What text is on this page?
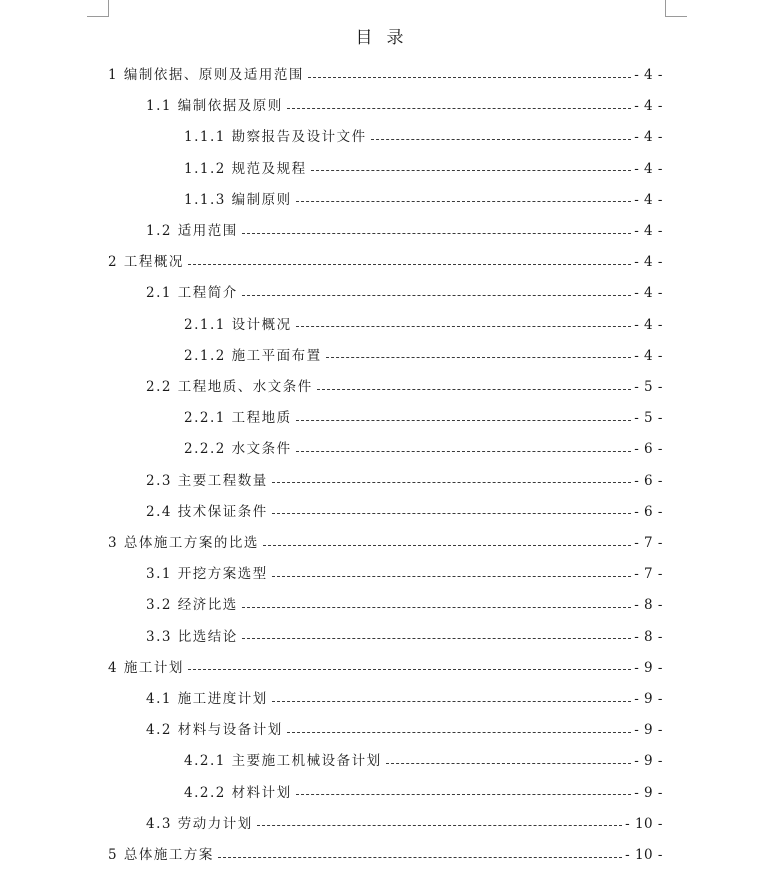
目录
1 编制依据、原则及适用范围	- 4 -
1.1 编制依据及原则	- 4 -
1.1.1 勘察报告及设计文件	- 4 -
1.1.2 规范及规程	- 4 -
1.1.3 编制原则	- 4 -
1.2 适用范围	- 4 -
2 工程概况	- 4 -
2.1 工程简介	- 4 -
2.1.1 设计概况	- 4 -
2.1.2 施工平面布置	- 4 -
2.2 工程地质、水文条件	- 5 -
2.2.1 工程地质	- 5 -
2.2.2 水文条件	- 6 -
2.3 主要工程数量	- 6 -
2.4 技术保证条件	- 6 -
3 总体施工方案的比选	- 7 -
3.1 开挖方案选型	- 7 -
3.2 经济比选	- 8 -
3.3 比选结论	- 8 -
4 施工计划	- 9 -
4.1 施工进度计划	- 9 -
4.2 材料与设备计划	- 9 -
4.2.1 主要施工机械设备计划	- 9 -
4.2.2 材料计划	- 9 -
4.3 劳动力计划	- 10 -
5 总体施工方案	- 10 -
